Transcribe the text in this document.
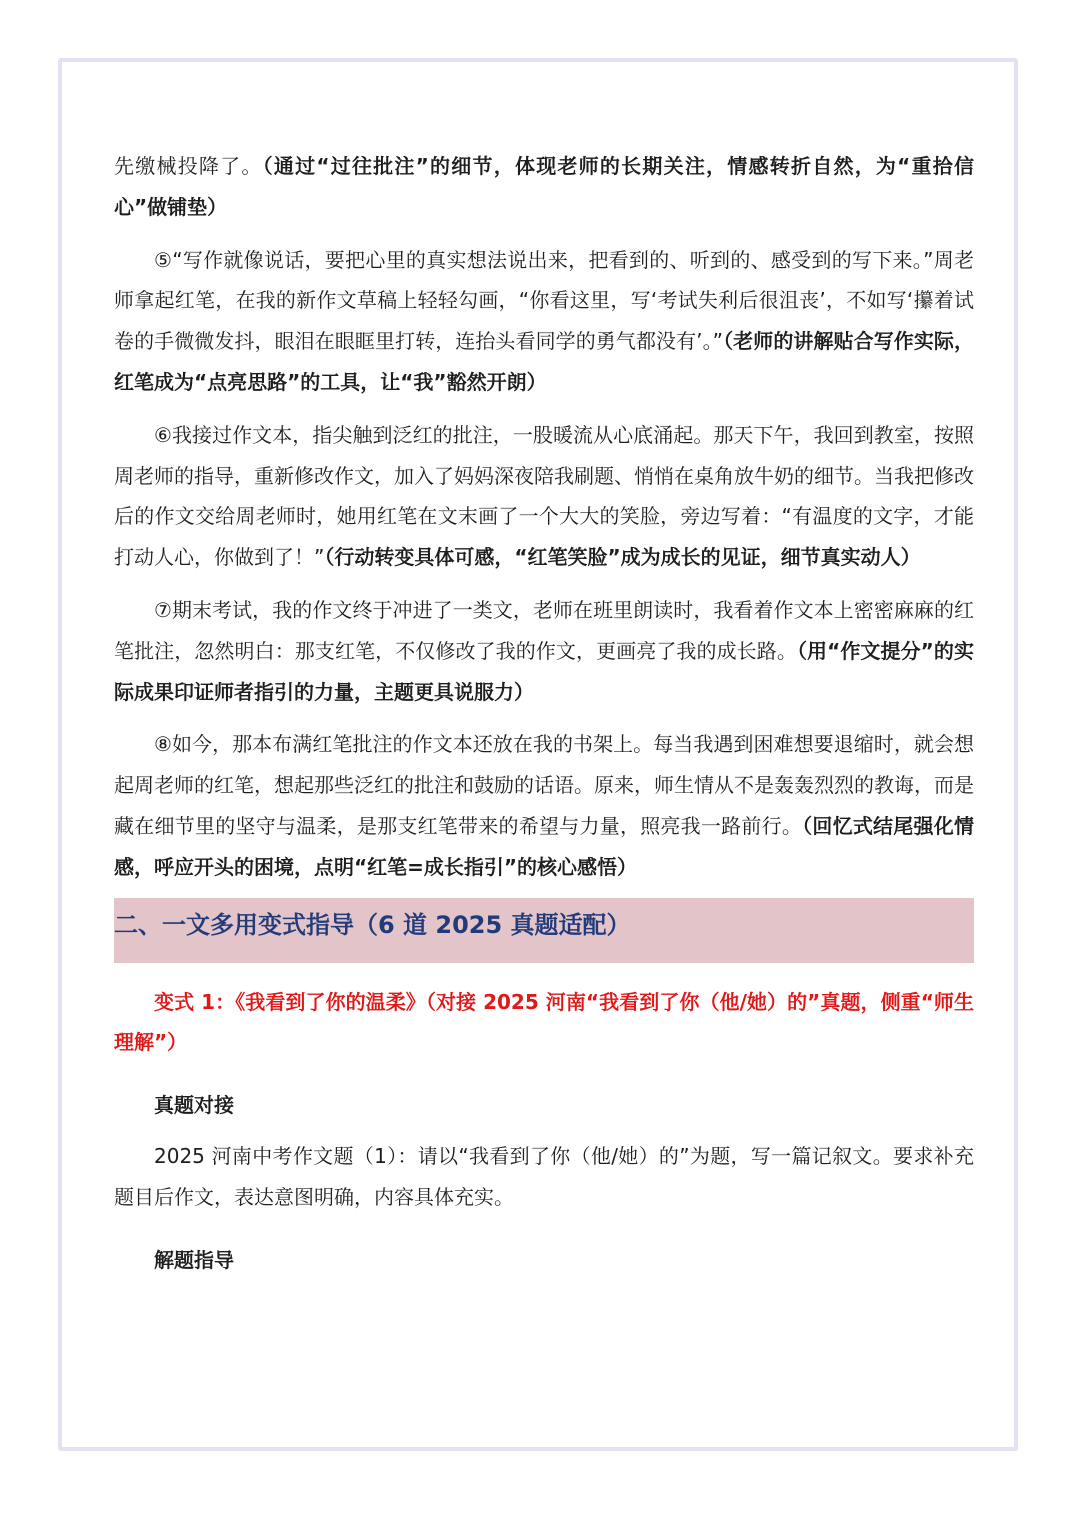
先缴械投降了。（通过“过往批注”的细节，体现老师的长期关注，情感转折自然，为“重拾信心”做铺垫）

⑤“写作就像说话，要把心里的真实想法说出来，把看到的、听到的、感受到的写下来。”周老师拿起红笔，在我的新作文草稿上轻轻勾画，“你看这里，写‘考试失利后很沮丧’，不如写‘攥着试卷的手微微发抖，眼泪在眼眶里打转，连抬头看同学的勇气都没有’。”（老师的讲解贴合写作实际，红笔成为“点亮思路”的工具，让“我”豁然开朗）

⑥我接过作文本，指尖触到泛红的批注，一股暖流从心底涌起。那天下午，我回到教室，按照周老师的指导，重新修改作文，加入了妈妈深夜陪我刷题、悄悄在桌角放牛奶的细节。当我把修改后的作文交给周老师时，她用红笔在文末画了一个大大的笑脸，旁边写着：“有温度的文字，才能打动人心，你做到了！”（行动转变具体可感，“红笔笑脸”成为成长的见证，细节真实动人）

⑦期末考试，我的作文终于冲进了一类文，老师在班里朗读时，我看着作文本上密密麻麻的红笔批注，忽然明白：那支红笔，不仅修改了我的作文，更画亮了我的成长路。（用“作文提分”的实际成果印证师者指引的力量，主题更具说服力）

⑧如今，那本布满红笔批注的作文本还放在我的书架上。每当我遇到困难想要退缩时，就会想起周老师的红笔，想起那些泛红的批注和鼓励的话语。原来，师生情从不是轰轰烈烈的教诲，而是藏在细节里的坚守与温柔，是那支红笔带来的希望与力量，照亮我一路前行。（回忆式结尾强化情感，呼应开头的困境，点明“红笔=成长指引”的核心感悟）

二、一文多用变式指导（6 道 2025 真题适配）

变式 1：《我看到了你的温柔》（对接 2025 河南“我看到了你（他/她）的”真题，侧重“师生理解”）

真题对接

2025 河南中考作文题（1）：请以“我看到了你（他/她）的”为题，写一篇记叙文。要求补充题目后作文，表达意图明确，内容具体充实。

解题指导
